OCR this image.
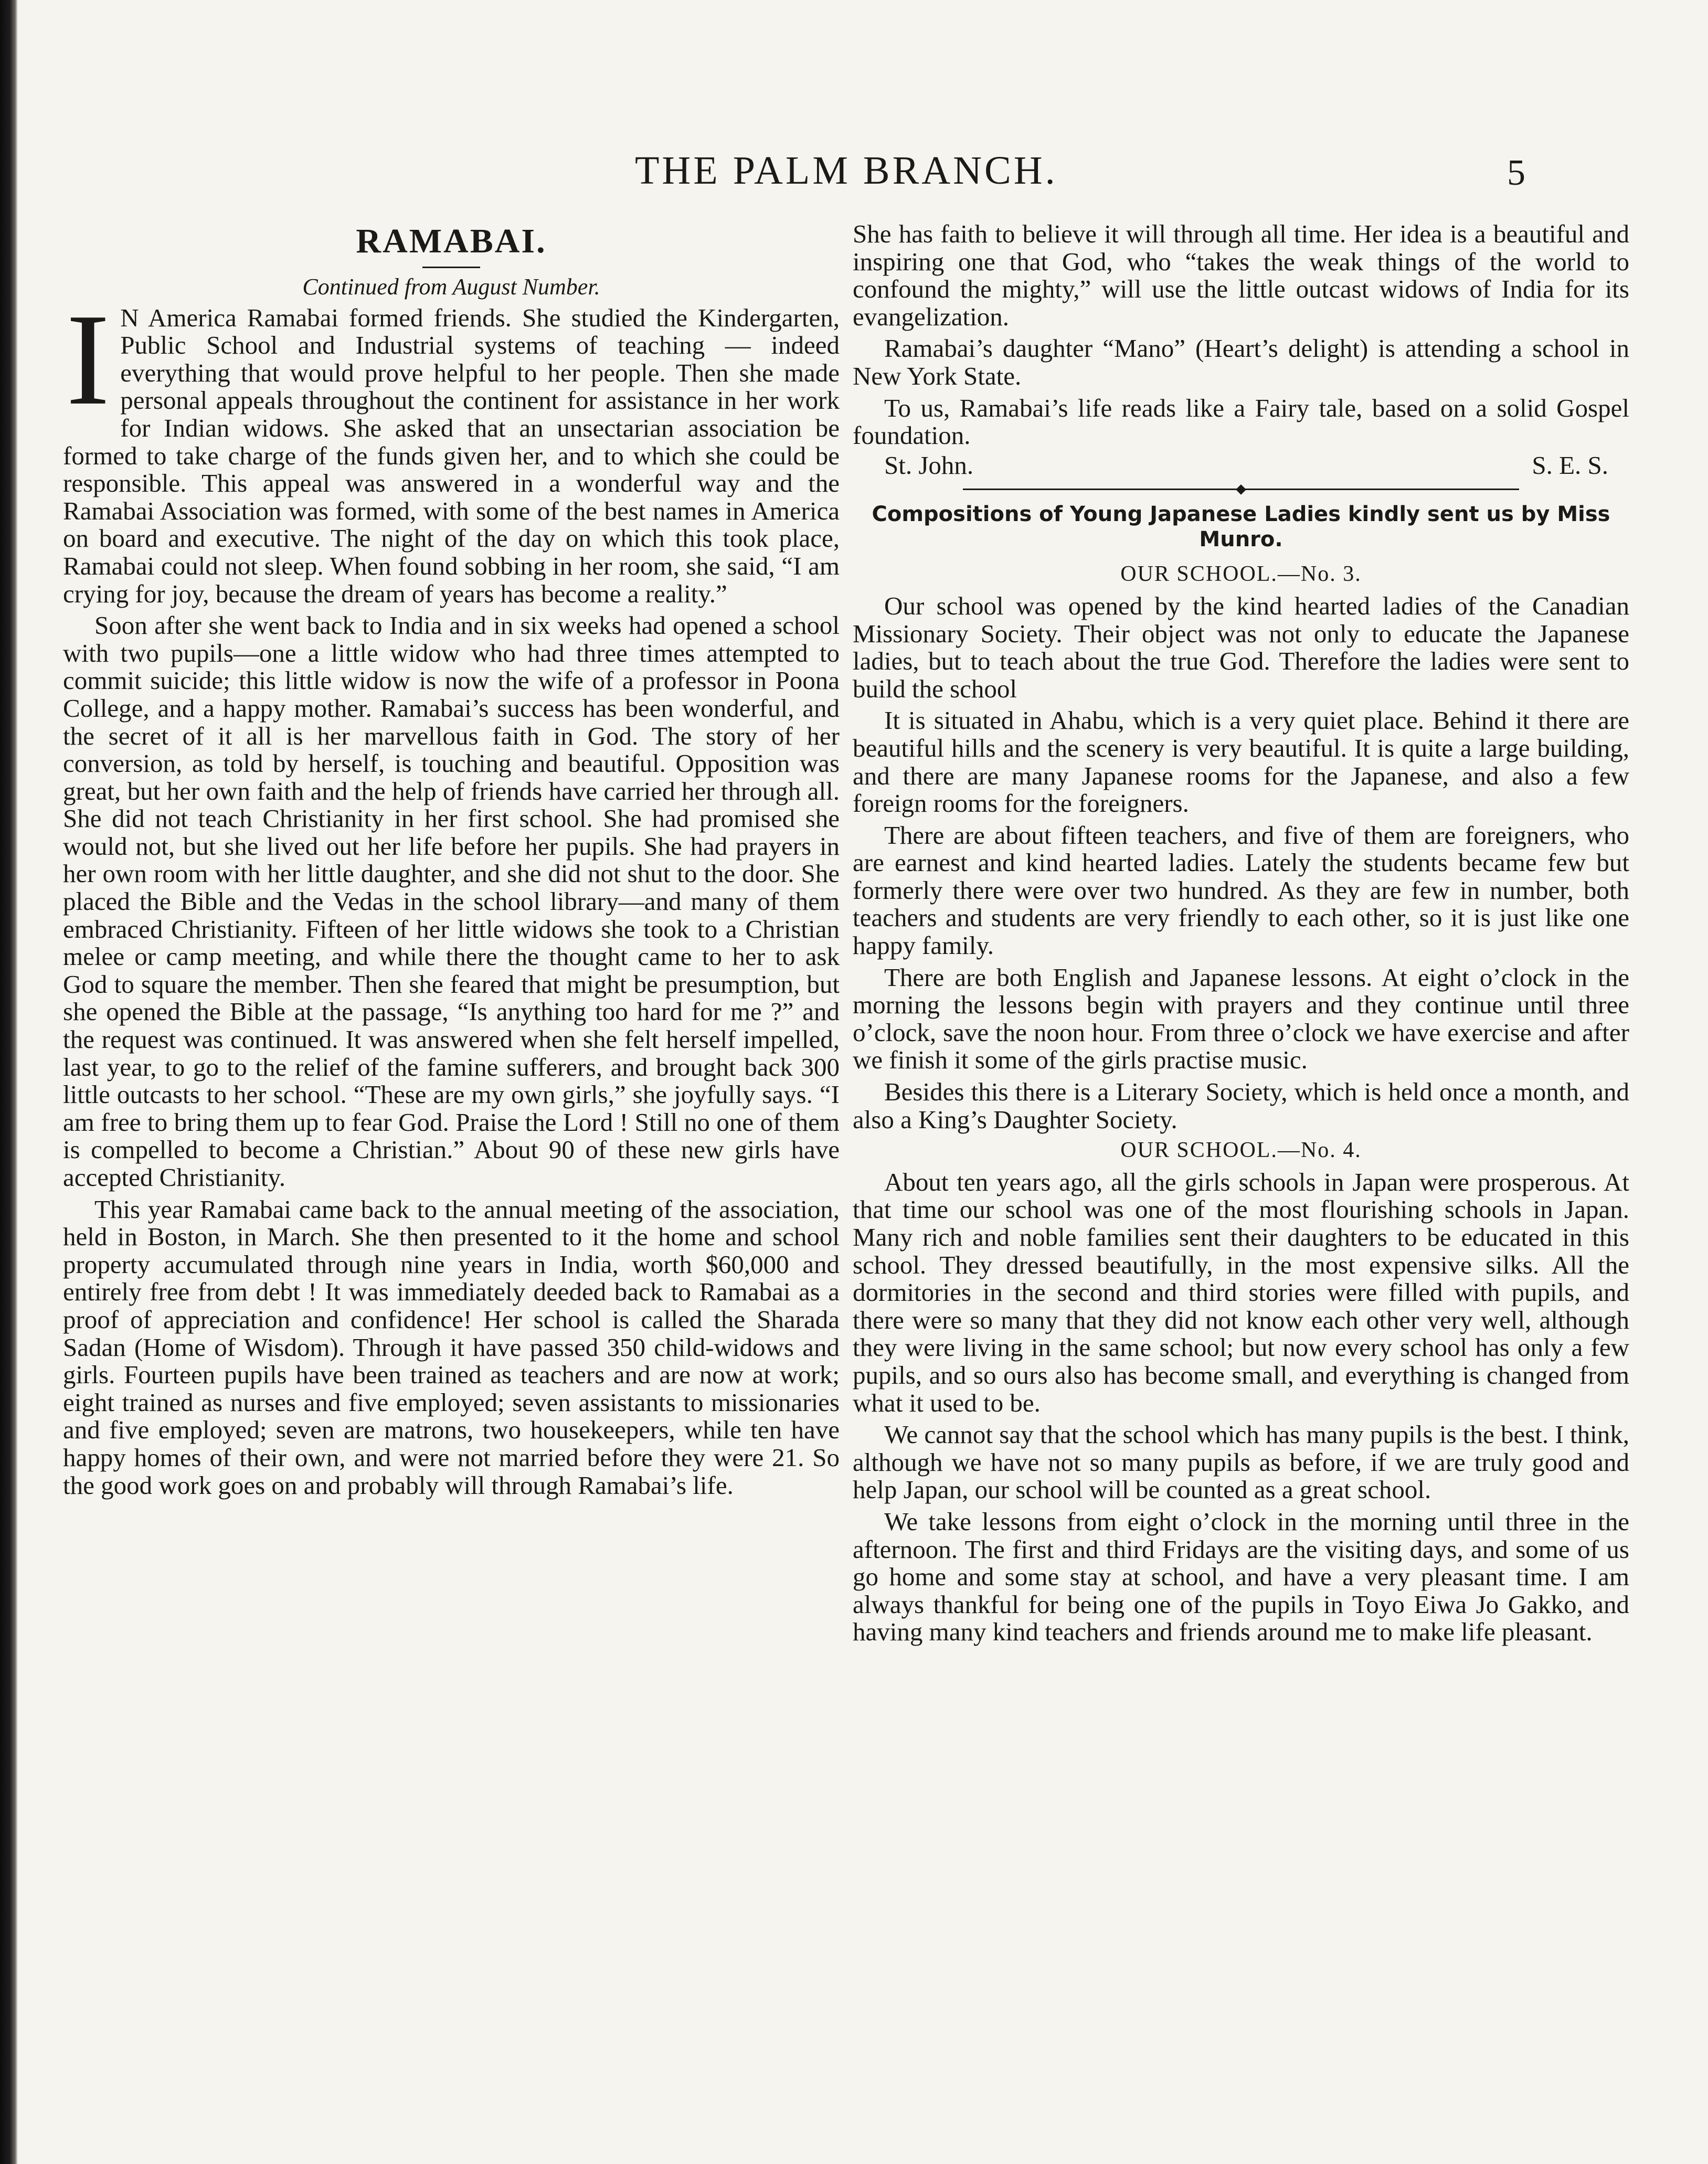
THE PALM BRANCH.	5
RAMABAI.
Continued from August Number.

I N America Ramabai formed friends. She studied the Kindergarten, Public School and Industrial systems of teaching — indeed everything that would prove helpful to her people. Then she made personal appeals throughout the continent for assistance in her work for Indian widows. She asked that an unsectarian association be formed to take charge of the funds given her, and to which she could be responsible. This appeal was answered in a wonderful way and the Ramabai Association was formed, with some of the best names in America on board and executive. The night of the day on which this took place, Ramabai could not sleep. When found sobbing in her room, she said, “I am crying for joy, because the dream of years has become a reality.”

Soon after she went back to India and in six weeks had opened a school with two pupils—one a little widow who had three times attempted to commit suicide; this little widow is now the wife of a professor in Poona College, and a happy mother. Ramabai’s success has been wonderful, and the secret of it all is her marvellous faith in God. The story of her conversion, as told by herself, is touching and beautiful. Opposition was great, but her own faith and the help of friends have carried her through all. She did not teach Christianity in her first school. She had promised she would not, but she lived out her life before her pupils. She had prayers in her own room with her little daughter, and she did not shut to the door. She placed the Bible and the Vedas in the school library—and many of them embraced Christianity. Fifteen of her little widows she took to a Christian melee or camp meeting, and while there the thought came to her to ask God to square the member. Then she feared that might be presumption, but she opened the Bible at the passage, “Is anything too hard for me ?” and the request was continued. It was answered when she felt herself impelled, last year, to go to the relief of the famine sufferers, and brought back 300 little outcasts to her school. “These are my own girls,” she joyfully says. “I am free to bring them up to fear God. Praise the Lord ! Still no one of them is compelled to become a Christian.” About 90 of these new girls have accepted Christianity.

This year Ramabai came back to the annual meeting of the association, held in Boston, in March. She then presented to it the home and school property accumulated through nine years in India, worth $60,000 and entirely free from debt ! It was immediately deeded back to Ramabai as a proof of appreciation and confidence! Her school is called the Sharada Sadan (Home of Wisdom). Through it have passed 350 child-widows and girls. Fourteen pupils have been trained as teachers and are now at work; eight trained as nurses and five employed; seven assistants to missionaries and five employed; seven are matrons, two housekeepers, while ten have happy homes of their own, and were not married before they were 21. So the good work goes on and probably will through Ramabai’s life.

She has faith to believe it will through all time. Her idea is a beautiful and inspiring one that God, who “takes the weak things of the world to confound the mighty,” will use the little outcast widows of India for its evangelization.

Ramabai’s daughter “Mano” (Heart’s delight) is attending a school in New York State.

To us, Ramabai’s life reads like a Fairy tale, based on a solid Gospel foundation.

St. John.	S. E. S.
Compositions of Young Japanese Ladies kindly sent us by Miss Munro.
OUR SCHOOL.—No. 3.

Our school was opened by the kind hearted ladies of the Canadian Missionary Society. Their object was not only to educate the Japanese ladies, but to teach about the true God. Therefore the ladies were sent to build the school

It is situated in Ahabu, which is a very quiet place. Behind it there are beautiful hills and the scenery is very beautiful. It is quite a large building, and there are many Japanese rooms for the Japanese, and also a few foreign rooms for the foreigners.

There are about fifteen teachers, and five of them are foreigners, who are earnest and kind hearted ladies. Lately the students became few but formerly there were over two hundred. As they are few in number, both teachers and students are very friendly to each other, so it is just like one happy family.

There are both English and Japanese lessons. At eight o’clock in the morning the lessons begin with prayers and they continue until three o’clock, save the noon hour. From three o’clock we have exercise and after we finish it some of the girls practise music.

Besides this there is a Literary Society, which is held once a month, and also a King’s Daughter Society.

OUR SCHOOL.—No. 4.

About ten years ago, all the girls schools in Japan were prosperous. At that time our school was one of the most flourishing schools in Japan. Many rich and noble families sent their daughters to be educated in this school. They dressed beautifully, in the most expensive silks. All the dormitories in the second and third stories were filled with pupils, and there were so many that they did not know each other very well, although they were living in the same school; but now every school has only a few pupils, and so ours also has become small, and everything is changed from what it used to be.

We cannot say that the school which has many pupils is the best. I think, although we have not so many pupils as before, if we are truly good and help Japan, our school will be counted as a great school.

We take lessons from eight o’clock in the morning until three in the afternoon. The first and third Fridays are the visiting days, and some of us go home and some stay at school, and have a very pleasant time. I am always thankful for being one of the pupils in Toyo Eiwa Jo Gakko, and having many kind teachers and friends around me to make life pleasant.
